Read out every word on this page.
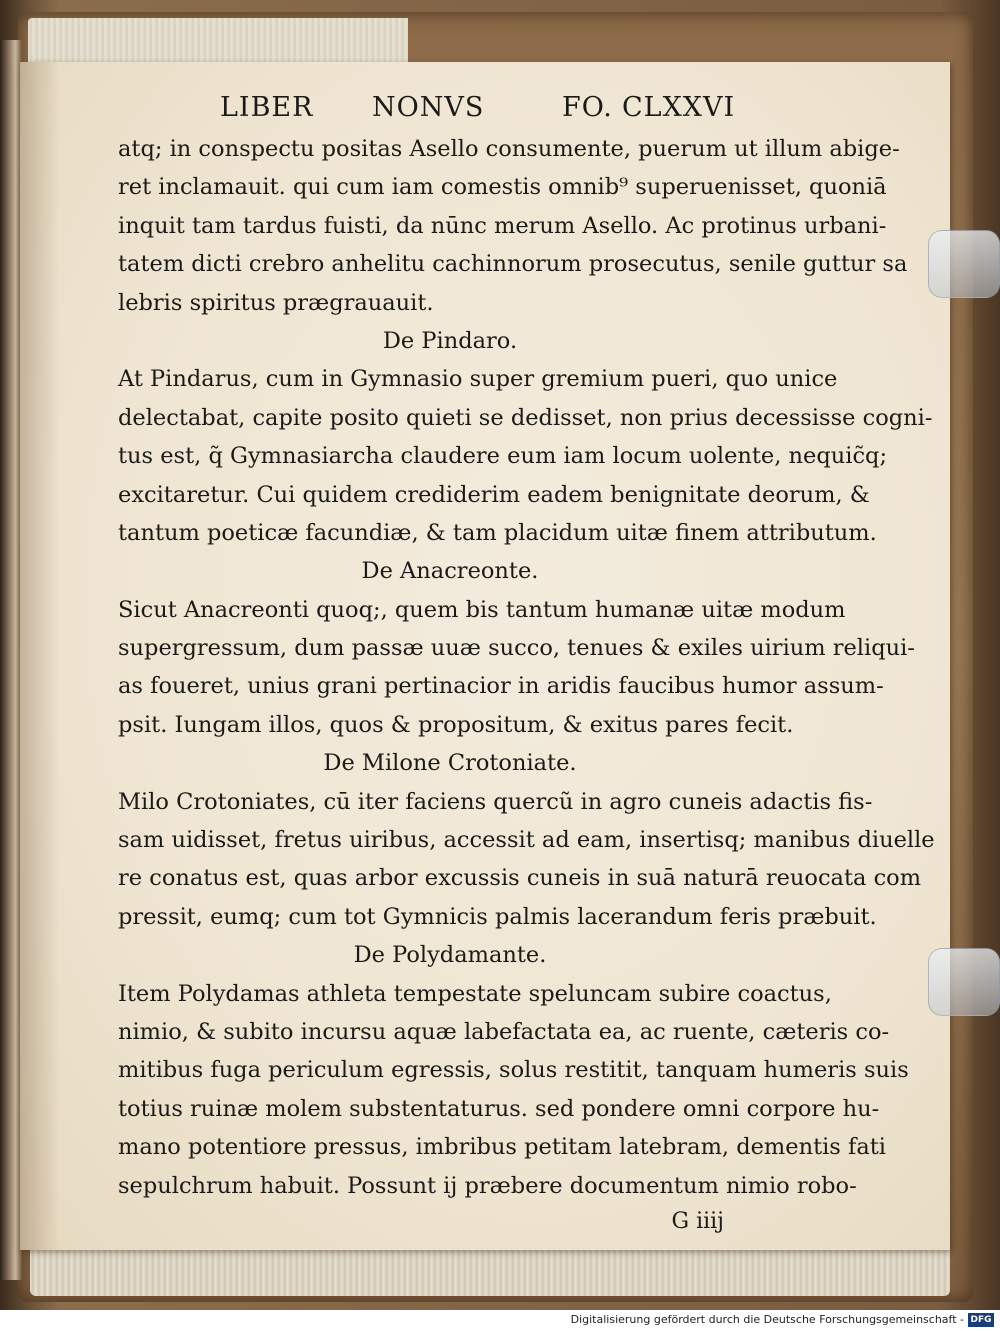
LIBER NONVS	FO. CLXXVI
atq; in conspectu positas Asello consumente, puerum ut illum abige-
ret inclamauit. qui cum iam comestis omnib⁹ superuenisset, quoniā
inquit tam tardus fuisti, da nūnc merum Asello. Ac protinus urbani-
tatem dicti crebro anhelitu cachinnorum prosecutus, senile guttur sa
lebris spiritus prægrauauit.
De Pindaro.
At Pindarus, cum in Gymnasio super gremium pueri, quo unice
delectabat, capite posito quieti se dedisset, non prius decessisse cogni-
tus est, q̃ Gymnasiarcha claudere eum iam locum uolente, nequic̃q;
excitaretur. Cui quidem crediderim eadem benignitate deorum, &
tantum poeticæ facundiæ, & tam placidum uitæ finem attributum.
De Anacreonte.
Sicut Anacreonti quoq;, quem bis tantum humanæ uitæ modum
supergressum, dum passæ uuæ succo, tenues & exiles uirium reliqui-
as foueret, unius grani pertinacior in aridis faucibus humor assum-
psit. Iungam illos, quos & propositum, & exitus pares fecit.
De Milone Crotoniate.
Milo Crotoniates, cū iter faciens quercũ in agro cuneis adactis fis-
sam uidisset, fretus uiribus, accessit ad eam, insertisq; manibus diuelle
re conatus est, quas arbor excussis cuneis in suā naturā reuocata com
pressit, eumq; cum tot Gymnicis palmis lacerandum feris præbuit.
De Polydamante.
Item Polydamas athleta tempestate speluncam subire coactus,
nimio, & subito incursu aquæ labefactata ea, ac ruente, cæteris co-
mitibus fuga periculum egressis, solus restitit, tanquam humeris suis
totius ruinæ molem substentaturus. sed pondere omni corpore hu-
mano potentiore pressus, imbribus petitam latebram, dementis fati
sepulchrum habuit. Possunt ij præbere documentum nimio robo-
G iiij
Digitalisierung gefördert durch die Deutsche Forschungsgemeinschaft - DFG
